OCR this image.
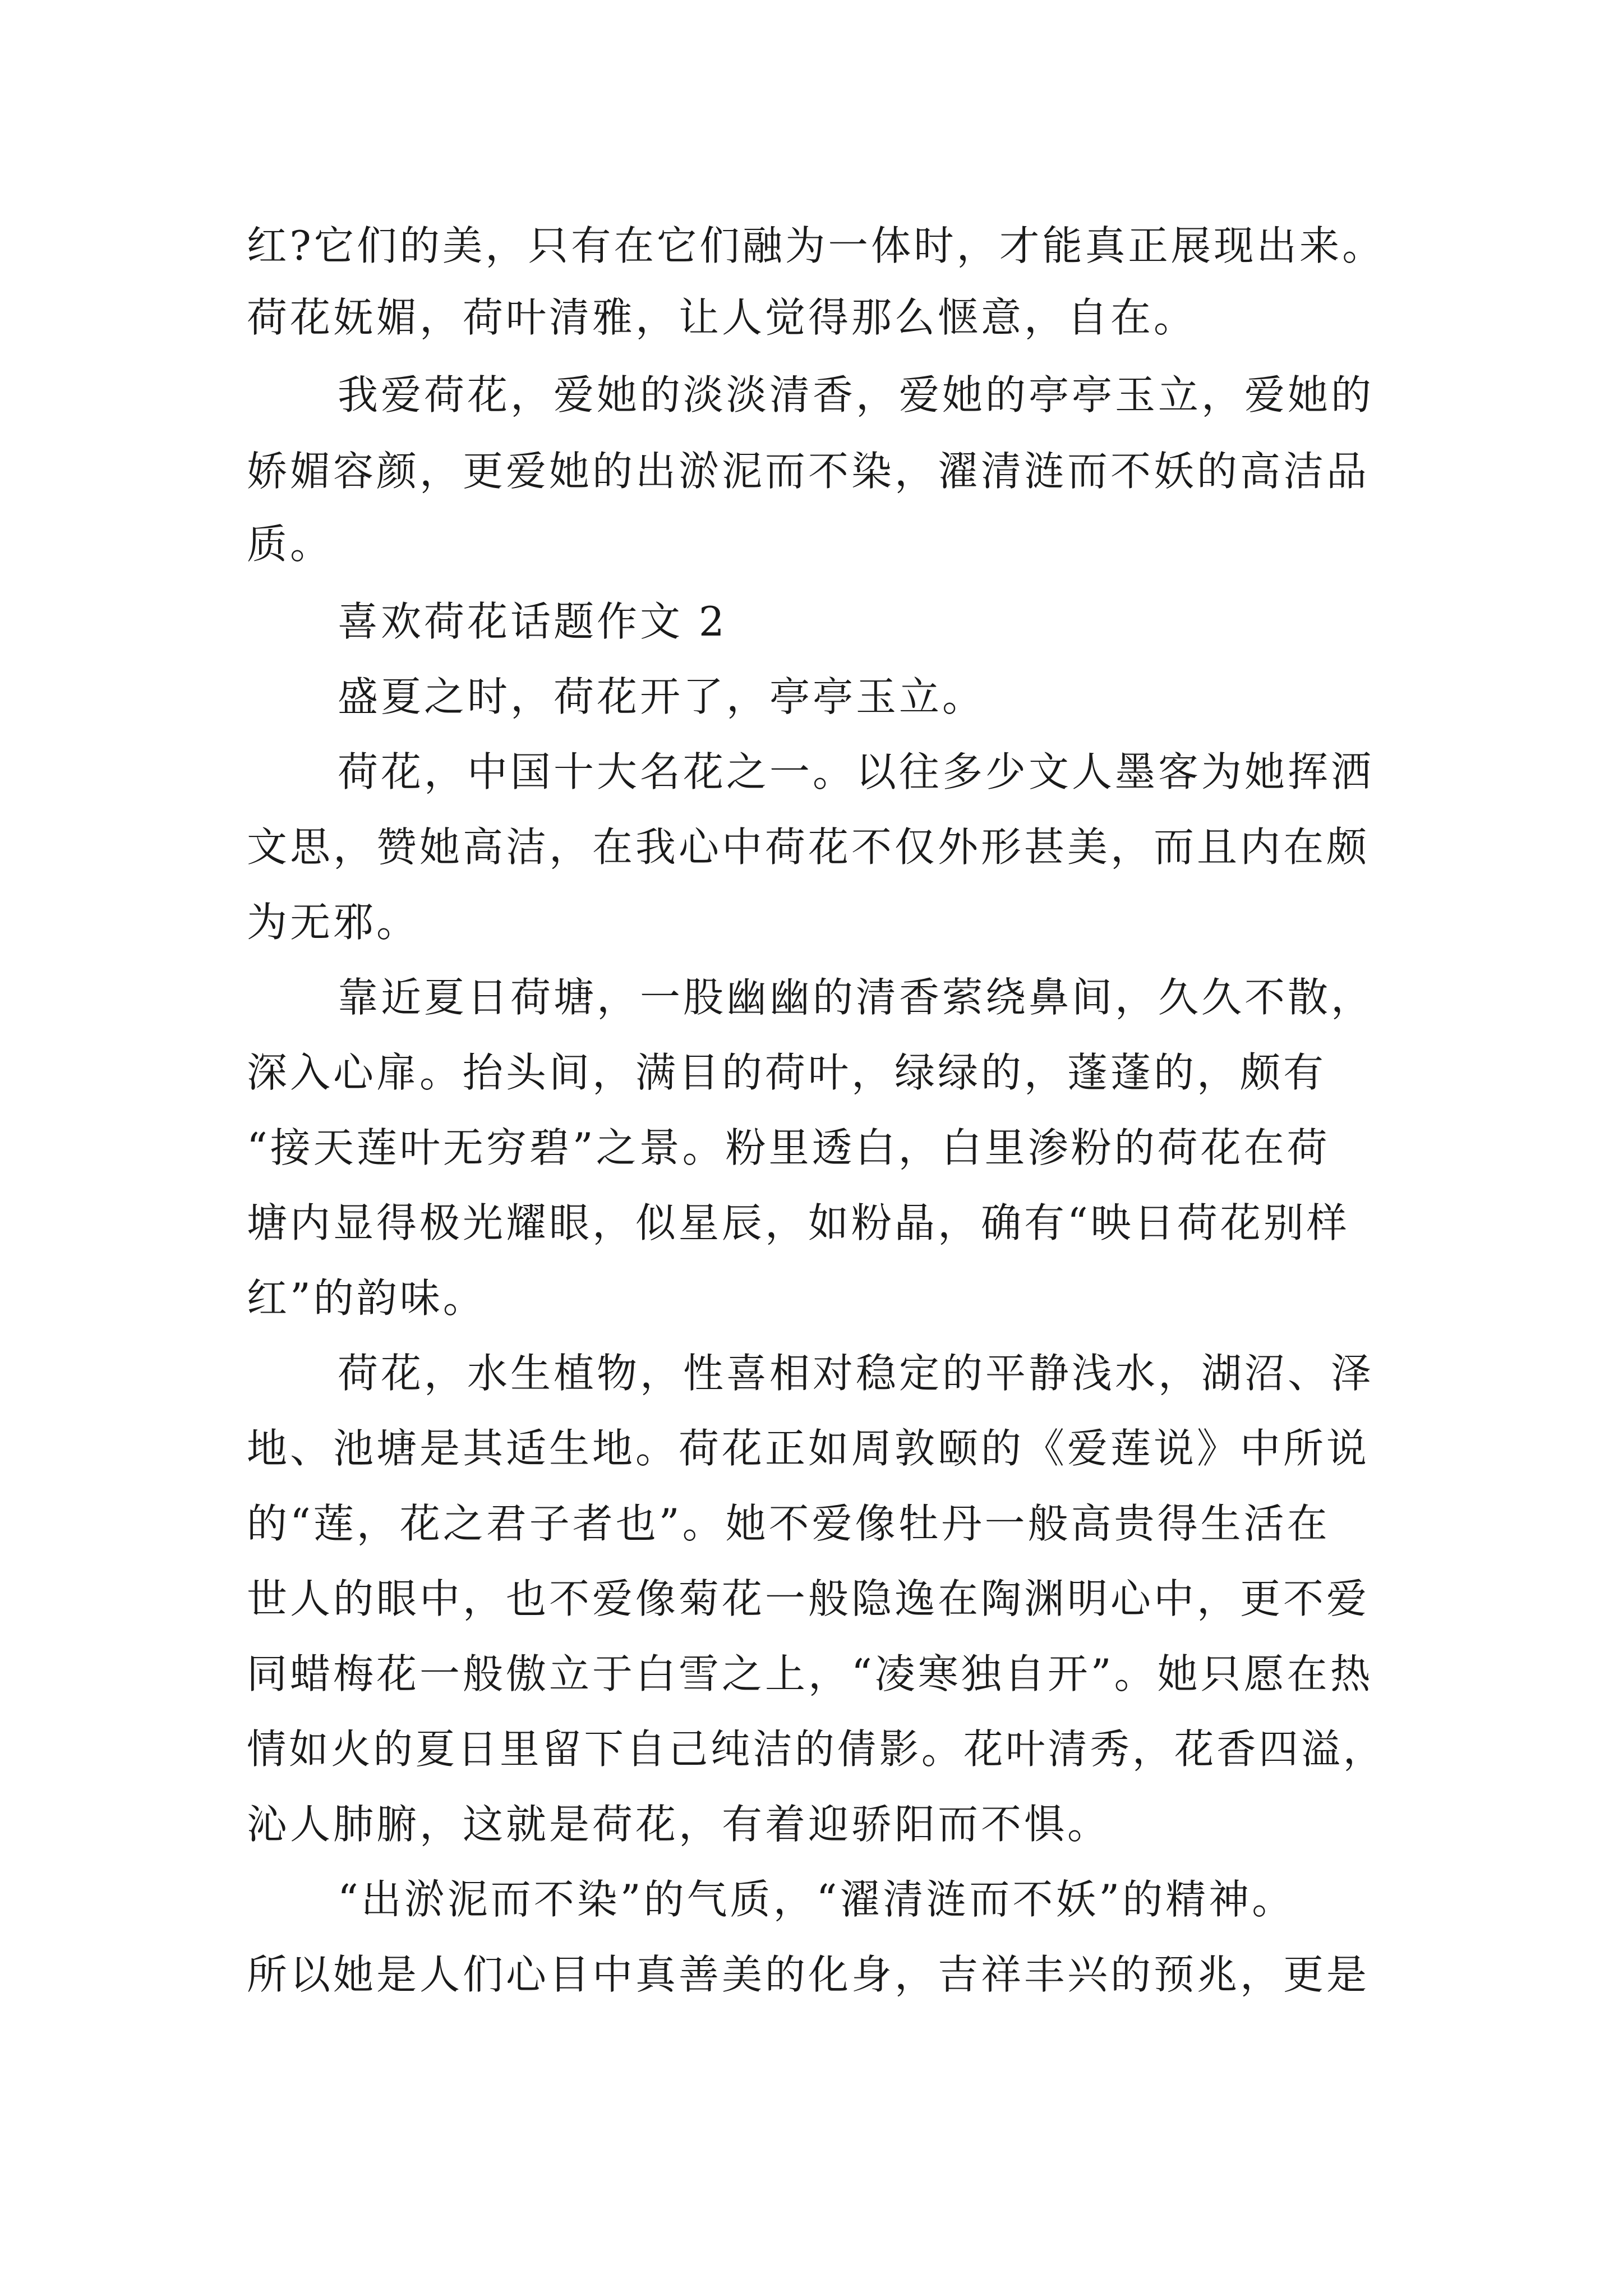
红?它们的美，只有在它们融为一体时，才能真正展现出来。
荷花妩媚，荷叶清雅，让人觉得那么惬意，自在。
我爱荷花，爱她的淡淡清香，爱她的亭亭玉立，爱她的
娇媚容颜，更爱她的出淤泥而不染，濯清涟而不妖的高洁品
质。
喜欢荷花话题作文 2
盛夏之时，荷花开了，亭亭玉立。
荷花，中国十大名花之一。以往多少文人墨客为她挥洒
文思，赞她高洁，在我心中荷花不仅外形甚美，而且内在颇
为无邪。
靠近夏日荷塘，一股幽幽的清香萦绕鼻间，久久不散，
深入心扉。抬头间，满目的荷叶，绿绿的，蓬蓬的，颇有
“接天莲叶无穷碧”之景。粉里透白，白里渗粉的荷花在荷
塘内显得极光耀眼，似星辰，如粉晶，确有“映日荷花别样
红”的韵味。
荷花，水生植物，性喜相对稳定的平静浅水，湖沼、泽
地、池塘是其适生地。荷花正如周敦颐的《爱莲说》中所说
的“莲，花之君子者也”。她不爱像牡丹一般高贵得生活在
世人的眼中，也不爱像菊花一般隐逸在陶渊明心中，更不爱
同蜡梅花一般傲立于白雪之上，“凌寒独自开”。她只愿在热
情如火的夏日里留下自己纯洁的倩影。花叶清秀，花香四溢，
沁人肺腑，这就是荷花，有着迎骄阳而不惧。
“出淤泥而不染”的气质，“濯清涟而不妖”的精神。
所以她是人们心目中真善美的化身，吉祥丰兴的预兆，更是
